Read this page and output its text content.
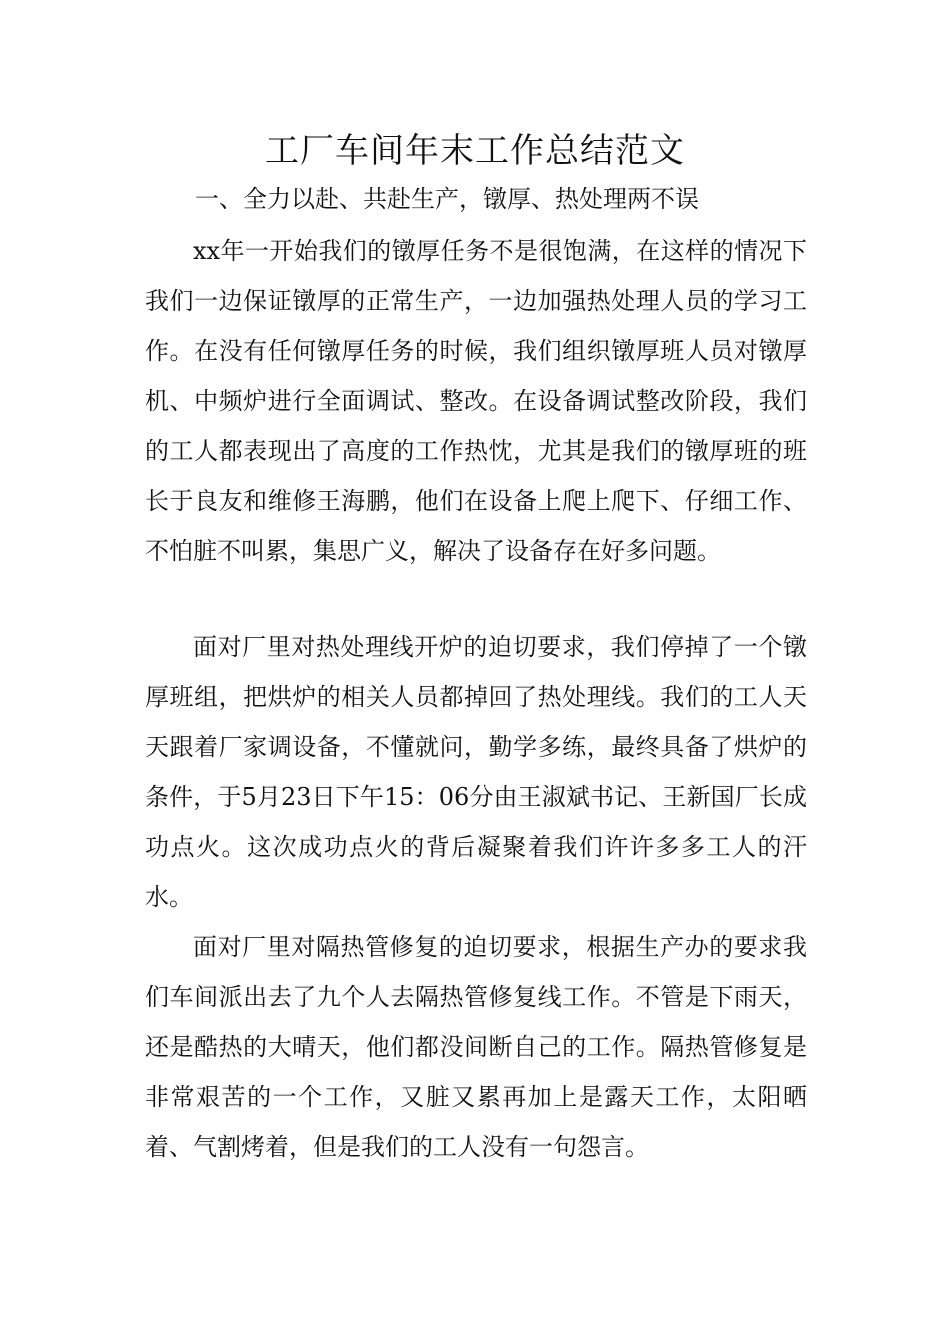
工厂车间年末工作总结范文

一、全力以赴、共赴生产，镦厚、热处理两不误

xx年一开始我们的镦厚任务不是很饱满，在这样的情况下我们一边保证镦厚的正常生产，一边加强热处理人员的学习工作。在没有任何镦厚任务的时候，我们组织镦厚班人员对镦厚机、中频炉进行全面调试、整改。在设备调试整改阶段，我们的工人都表现出了高度的工作热忱，尤其是我们的镦厚班的班长于良友和维修王海鹏，他们在设备上爬上爬下、仔细工作、不怕脏不叫累，集思广义，解决了设备存在好多问题。

面对厂里对热处理线开炉的迫切要求，我们停掉了一个镦厚班组，把烘炉的相关人员都掉回了热处理线。我们的工人天天跟着厂家调设备，不懂就问，勤学多练，最终具备了烘炉的条件，于5月23日下午15：06分由王淑斌书记、王新国厂长成功点火。这次成功点火的背后凝聚着我们许许多多工人的汗水。

面对厂里对隔热管修复的迫切要求，根据生产办的要求我们车间派出去了九个人去隔热管修复线工作。不管是下雨天，还是酷热的大晴天，他们都没间断自己的工作。隔热管修复是非常艰苦的一个工作，又脏又累再加上是露天工作，太阳晒着、气割烤着，但是我们的工人没有一句怨言。
